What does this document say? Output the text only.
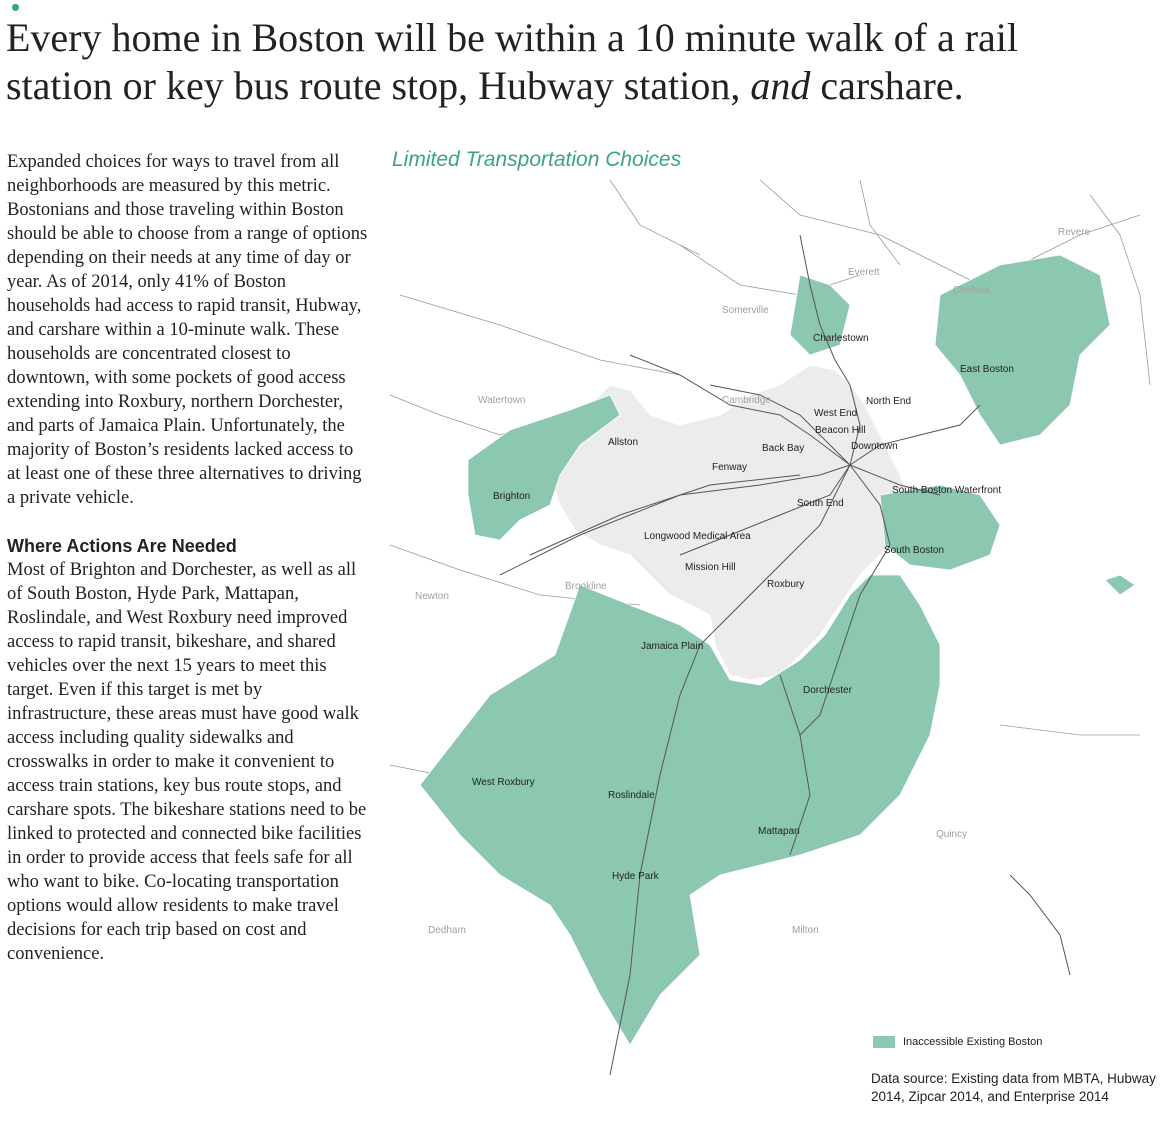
Every home in Boston will be within a 10 minute walk of a rail
station or key bus route stop, Hubway station, and carshare.

Expanded choices for ways to travel from all neighborhoods are measured by this metric. Bostonians and those traveling within Boston should be able to choose from a range of options depending on their needs at any time of day or year. As of 2014, only 41% of Boston households had access to rapid transit, Hubway, and carshare within a 10-minute walk. These households are concentrated closest to downtown, with some pockets of good access extending into Roxbury, northern Dorchester, and parts of Jamaica Plain. Unfortunately, the majority of Boston’s residents lacked access to at least one of these three alternatives to driving a private vehicle.

Where Actions Are Needed

Most of Brighton and Dorchester, as well as all of South Boston, Hyde Park, Mattapan, Roslindale, and West Roxbury need improved access to rapid transit, bikeshare, and shared vehicles over the next 15 years to meet this target. Even if this target is met by infrastructure, these areas must have good walk access including quality sidewalks and crosswalks in order to make it convenient to access train stations, key bus route stops, and carshare spots. The bikeshare stations need to be linked to protected and connected bike facilities in order to provide access that feels safe for all who want to bike. Co-locating transportation options would allow residents to make travel decisions for each trip based on cost and convenience.

Limited Transportation Choices
Revere
Everett
Chelsea
Somerville
Watertown	Cambridge
Brookline
Newton
Quincy
Dedham	Milton
Charlestown
East Boston
North End
West End
Beacon Hill
Downtown
Back Bay
Allston
Fenway
Brighton
South End
South Boston Waterfront
South Boston
Longwood Medical Area
Mission Hill
Roxbury
Jamaica Plain
Dorchester
West Roxbury
Roslindale
Mattapan
Hyde Park
Inaccessible Existing Boston
Data source: Existing data from MBTA, Hubway 2014, Zipcar 2014, and Enterprise 2014
